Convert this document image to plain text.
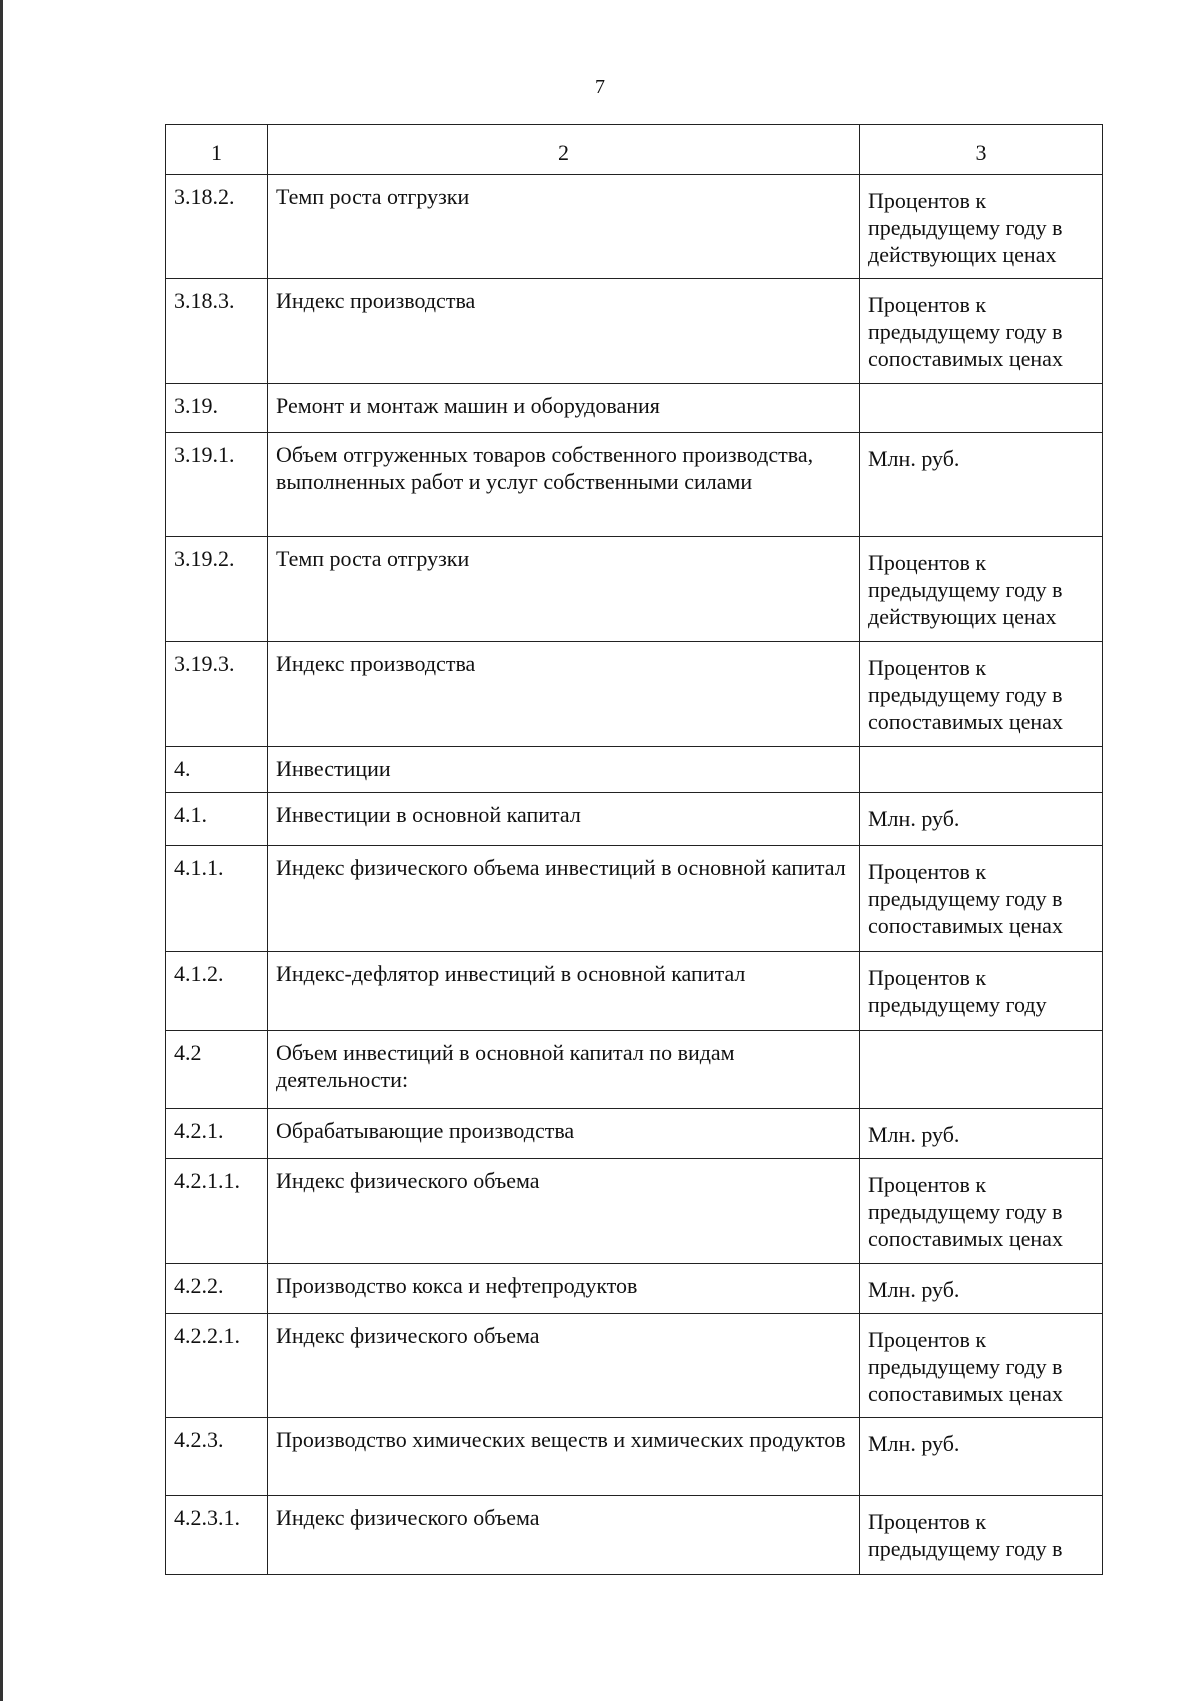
7
1	2	3
3.18.2.	Темп роста отгрузки	Процентов к предыдущему году в действующих ценах
3.18.3.	Индекс производства	Процентов к предыдущему году в сопоставимых ценах
3.19.	Ремонт и монтаж машин и оборудования	
3.19.1.	Объем отгруженных товаров собственного производства, выполненных работ и услуг собственными силами	Млн. руб.
3.19.2.	Темп роста отгрузки	Процентов к предыдущему году в действующих ценах
3.19.3.	Индекс производства	Процентов к предыдущему году в сопоставимых ценах
4.	Инвестиции	
4.1.	Инвестиции в основной капитал	Млн. руб.
4.1.1.	Индекс физического объема инвестиций в основной капитал	Процентов к предыдущему году в сопоставимых ценах
4.1.2.	Индекс-дефлятор инвестиций в основной капитал	Процентов к предыдущему году
4.2	Объем инвестиций в основной капитал по видам деятельности:	
4.2.1.	Обрабатывающие производства	Млн. руб.
4.2.1.1.	Индекс физического объема	Процентов к предыдущему году в сопоставимых ценах
4.2.2.	Производство кокса и нефтепродуктов	Млн. руб.
4.2.2.1.	Индекс физического объема	Процентов к предыдущему году в сопоставимых ценах
4.2.3.	Производство химических веществ и химических продуктов	Млн. руб.
4.2.3.1.	Индекс физического объема	Процентов к предыдущему году в
